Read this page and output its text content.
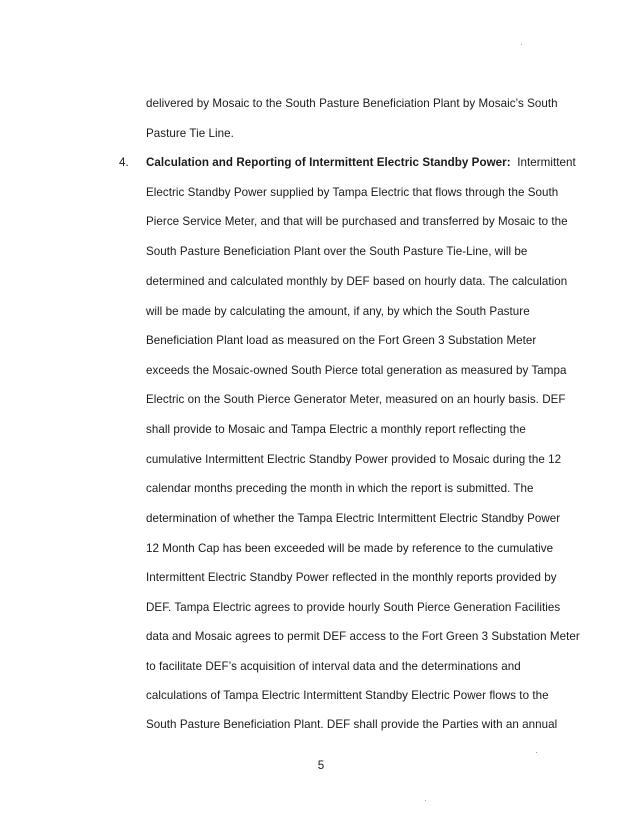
delivered by Mosaic to the South Pasture Beneficiation Plant by Mosaic’s South
Pasture Tie Line.
4. Calculation and Reporting of Intermittent Electric Standby Power: Intermittent
Electric Standby Power supplied by Tampa Electric that flows through the South
Pierce Service Meter, and that will be purchased and transferred by Mosaic to the
South Pasture Beneficiation Plant over the South Pasture Tie-Line, will be
determined and calculated monthly by DEF based on hourly data. The calculation
will be made by calculating the amount, if any, by which the South Pasture
Beneficiation Plant load as measured on the Fort Green 3 Substation Meter
exceeds the Mosaic-owned South Pierce total generation as measured by Tampa
Electric on the South Pierce Generator Meter, measured on an hourly basis. DEF
shall provide to Mosaic and Tampa Electric a monthly report reflecting the
cumulative Intermittent Electric Standby Power provided to Mosaic during the 12
calendar months preceding the month in which the report is submitted. The
determination of whether the Tampa Electric Intermittent Electric Standby Power
12 Month Cap has been exceeded will be made by reference to the cumulative
Intermittent Electric Standby Power reflected in the monthly reports provided by
DEF. Tampa Electric agrees to provide hourly South Pierce Generation Facilities
data and Mosaic agrees to permit DEF access to the Fort Green 3 Substation Meter
to facilitate DEF’s acquisition of interval data and the determinations and
calculations of Tampa Electric Intermittent Standby Electric Power flows to the
South Pasture Beneficiation Plant. DEF shall provide the Parties with an annual
5
